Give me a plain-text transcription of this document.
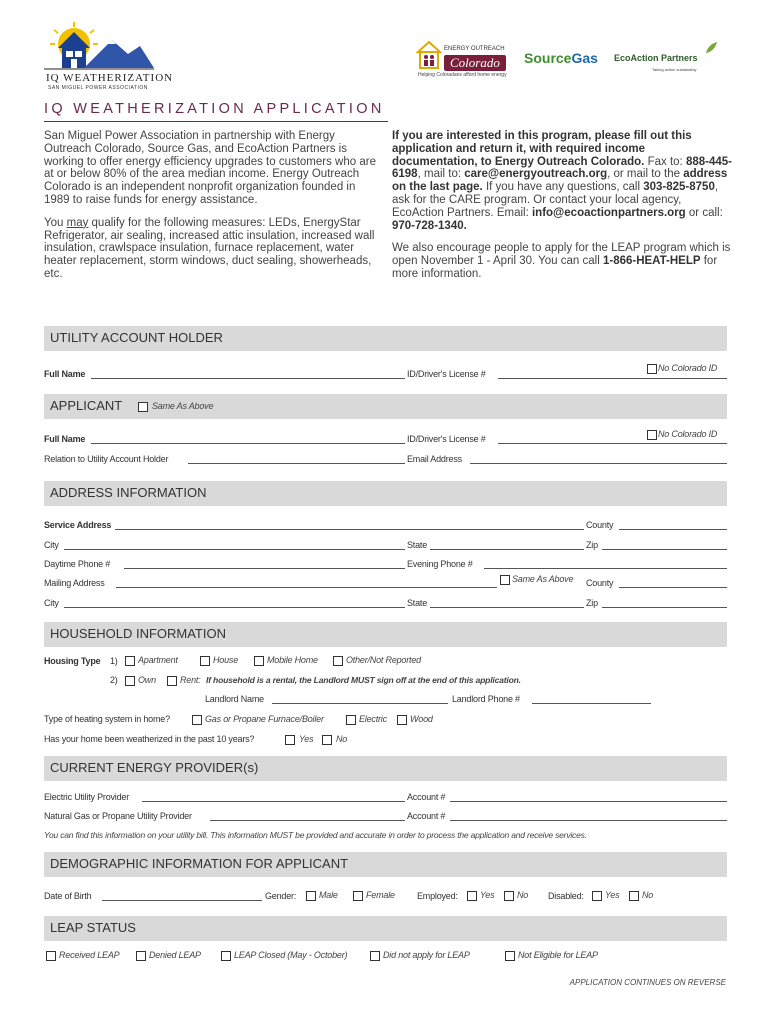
IQ WEATHERIZATION
SAN MIGUEL POWER ASSOCIATION
ENERGY OUTREACH
Colorado
Helping Coloradans afford home energy
SourceGas EcoAction Partners
Taking action sustainably
IQ WEATHERIZATION APPLICATION

San Miguel Power Association in partnership with Energy Outreach Colorado, Source Gas, and EcoAction Partners is working to offer energy efficiency upgrades to customers who are at or below 80% of the area median income. Energy Outreach Colorado is an independent nonprofit organization founded in 1989 to raise funds for energy assistance.

You may qualify for the following measures: LEDs, EnergyStar Refrigerator, air sealing, increased attic insulation, increased wall insulation, crawlspace insulation, furnace replacement, water heater replacement, storm windows, duct sealing, showerheads, etc.

If you are interested in this program, please fill out this application and return it, with required income documentation, to Energy Outreach Colorado. Fax to: 888-445-6198, mail to: care@energyoutreach.org, or mail to the address on the last page. If you have any questions, call 303-825-8750, ask for the CARE program. Or contact your local agency, EcoAction Partners. Email: info@ecoactionpartners.org or call: 970-728-1340.

We also encourage people to apply for the LEAP program which is open November 1 - April 30. You can call 1-866-HEAT-HELP for more information.

UTILITY ACCOUNT HOLDER
Full Name	ID/Driver's License #
No Colorado ID
APPLICANT	Same As Above
Full Name	ID/Driver's License #	No Colorado ID
Relation to Utility Account Holder	Email Address
ADDRESS INFORMATION
Service Address	County
City	State	Zip
Daytime Phone #	Evening Phone #
Mailing Address	Same As Above County
City	State	Zip
HOUSEHOLD INFORMATION
Housing Type 1) Apartment	House	Mobile Home	Other/Not Reported
2) Own	Rent: If household is a rental, the Landlord MUST sign off at the end of this application.
Landlord Name	Landlord Phone #
Type of heating system in home?	Gas or Propane Furnace/Boiler	Electric	Wood
Has your home been weatherized in the past 10 years?	Yes	No
CURRENT ENERGY PROVIDER(s)
Electric Utility Provider	Account #
Natural Gas or Propane Utility Provider	Account #
You can find this information on your utility bill. This information MUST be provided and accurate in order to process the application and receive services.
DEMOGRAPHIC INFORMATION FOR APPLICANT
Date of Birth	Gender:	Male	Female Employed: Yes	No Disabled: Yes	No
LEAP STATUS
Received LEAP	Denied LEAP	LEAP Closed (May - October)	Did not apply for LEAP	Not Eligible for LEAP
APPLICATION CONTINUES ON REVERSE
